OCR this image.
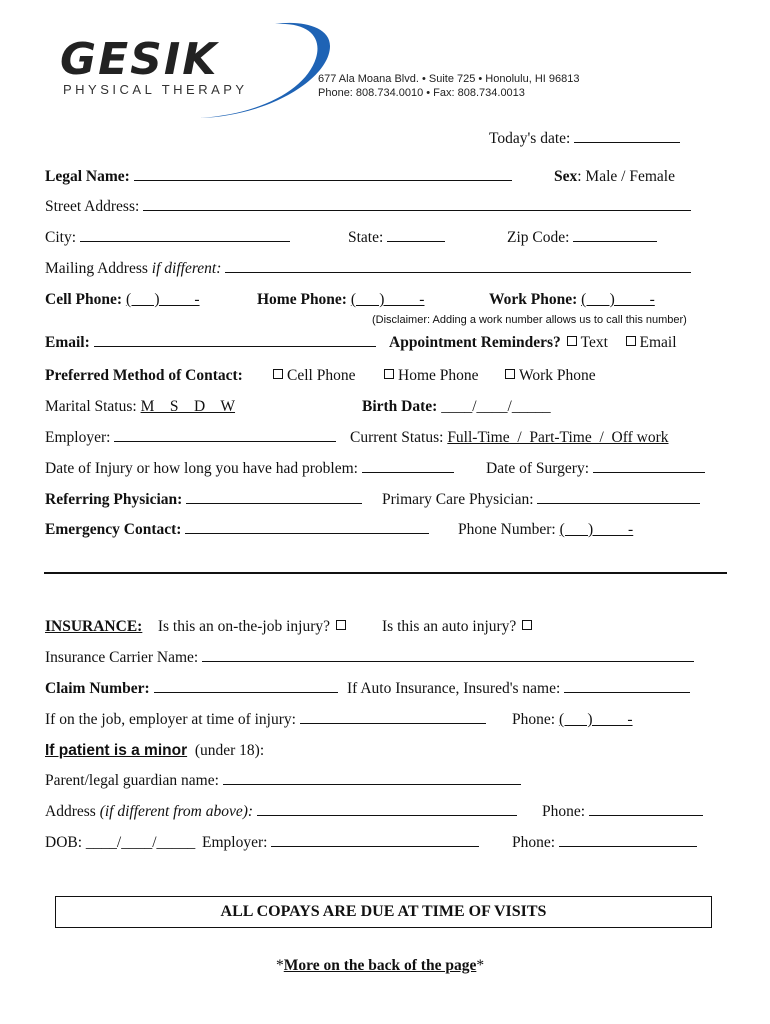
GESIK
PHYSICAL THERAPY
677 Ala Moana Blvd. • Suite 725 • Honolulu, HI 96813
Phone: 808.734.0010 • Fax: 808.734.0013
Today's date:
Legal Name:	Sex: Male / Female
Street Address:
City:	State:	Zip Code:
Mailing Address if different:
Cell Phone: (      )         -	Home Phone: (      )         -	Work Phone: (      )         -
(Disclaimer: Adding a work number allows us to call this number)
Email:	Appointment Reminders? Text Email
Preferred Method of Contact:	Cell Phone	Home Phone	Work Phone
Marital Status: M    S    D    W	Birth Date: ____/____/_____
Employer:	Current Status: Full-Time  /  Part-Time  /  Off work
Date of Injury or how long you have had problem:	Date of Surgery:
Referring Physician:	Primary Care Physician:
Emergency Contact:	Phone Number: (      )         -
INSURANCE: Is this an on-the-job injury?	Is this an auto injury?
Insurance Carrier Name:
Claim Number:	If Auto Insurance, Insured's name:
If on the job, employer at time of injury:	Phone: (      )         -
If patient is a minor (under 18):
Parent/legal guardian name:
Address (if different from above):	Phone:
DOB: ____/____/_____ Employer:	Phone:
ALL COPAYS ARE DUE AT TIME OF VISITS
*More on the back of the page*
